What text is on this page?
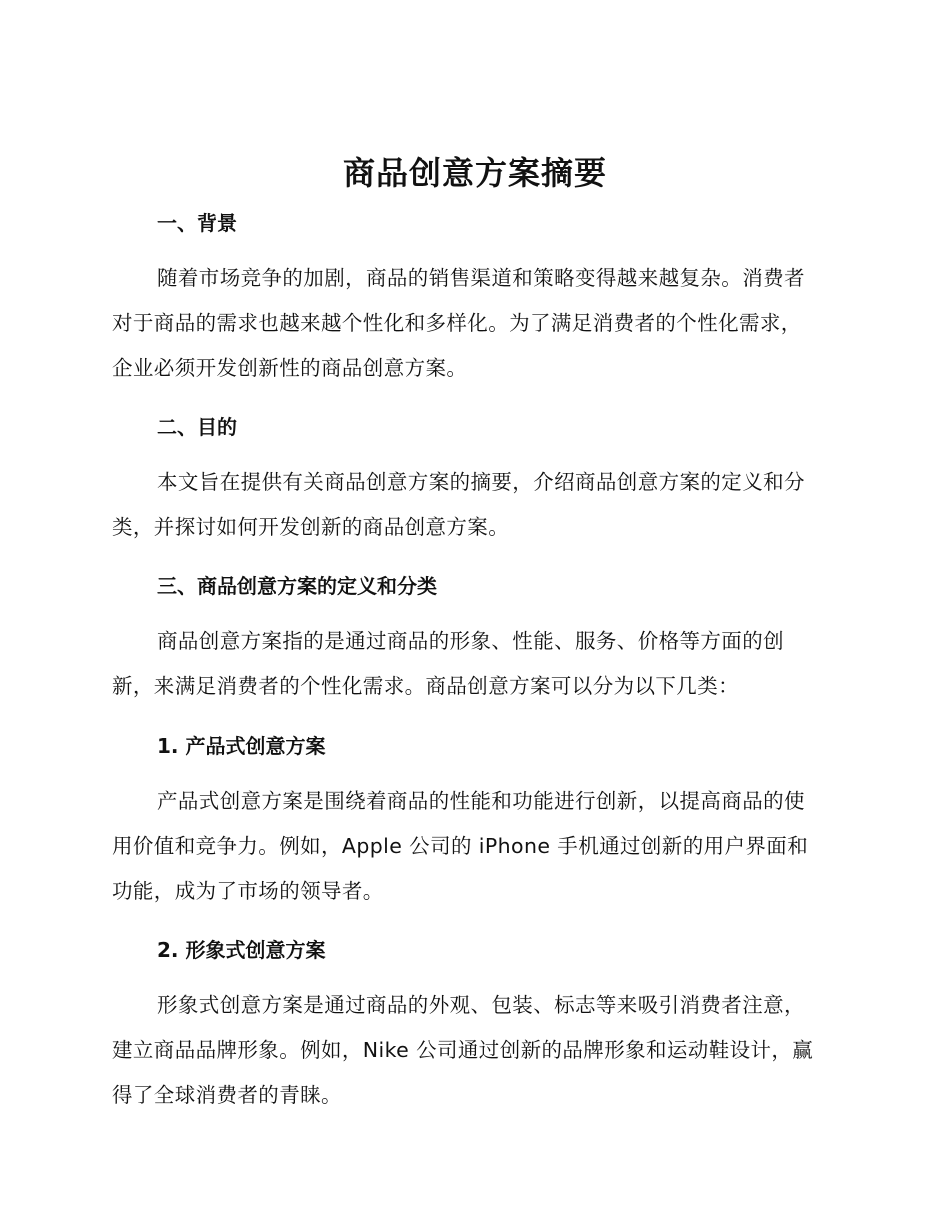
商品创意方案摘要
一、背景
随着市场竞争的加剧，商品的销售渠道和策略变得越来越复杂。消费者
对于商品的需求也越来越个性化和多样化。为了满足消费者的个性化需求，
企业必须开发创新性的商品创意方案。
二、目的
本文旨在提供有关商品创意方案的摘要，介绍商品创意方案的定义和分
类，并探讨如何开发创新的商品创意方案。
三、商品创意方案的定义和分类
商品创意方案指的是通过商品的形象、性能、服务、价格等方面的创
新，来满足消费者的个性化需求。商品创意方案可以分为以下几类：
1. 产品式创意方案
产品式创意方案是围绕着商品的性能和功能进行创新，以提高商品的使
用价值和竞争力。例如，Apple 公司的 iPhone 手机通过创新的用户界面和
功能，成为了市场的领导者。
2. 形象式创意方案
形象式创意方案是通过商品的外观、包装、标志等来吸引消费者注意，
建立商品品牌形象。例如，Nike 公司通过创新的品牌形象和运动鞋设计，赢
得了全球消费者的青睐。
